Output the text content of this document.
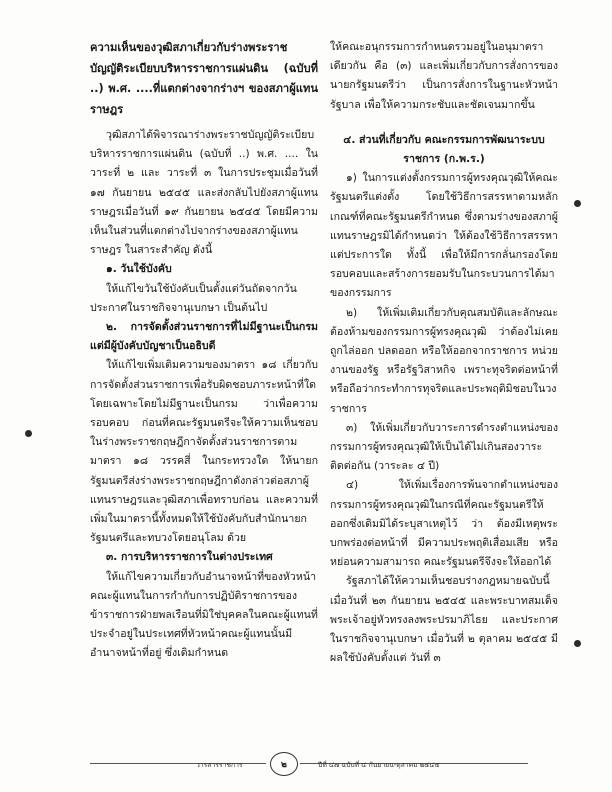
ความเห็นของวุฒิสภาเกี่ยวกับร่างพระราชบัญญัติระเบียบบริหารราชการแผ่นดิน (ฉบับที่ ..) พ.ศ. ....ที่แตกต่างจากร่างฯ ของสภาผู้แทนราษฎร

วุฒิสภาได้พิจารณาร่างพระราชบัญญัติระเบียบบริหารราชการแผ่นดิน (ฉบับที่ ..) พ.ศ. .... ในวาระที่ ๒ และ วาระที่ ๓ ในการประชุมเมื่อวันที่ ๑๗ กันยายน ๒๕๔๕ และส่งกลับไปยังสภาผู้แทนราษฎรเมื่อวันที่ ๑๙ กันยายน ๒๕๔๕ โดยมีความเห็นในส่วนที่แตกต่างไปจากร่างของสภาผู้แทนราษฎร ในสาระสำคัญ ดังนี้

๑. วันใช้บังคับ

ให้แก้ไขวันใช้บังคับเป็นตั้งแต่วันถัดจากวันประกาศในราชกิจจานุเบกษา เป็นต้นไป

๒. การจัดตั้งส่วนราชการที่ไม่มีฐานะเป็นกรมแต่มีผู้บังคับบัญชาเป็นอธิบดี

ให้แก้ไขเพิ่มเติมความของมาตรา ๑๘ เกี่ยวกับการจัดตั้งส่วนราชการเพื่อรับผิดชอบภาระหน้าที่ใดโดยเฉพาะโดยไม่มีฐานะเป็นกรม ว่าเพื่อความรอบคอบ ก่อนที่คณะรัฐมนตรีจะให้ความเห็นชอบในร่างพระราชกฤษฎีกาจัดตั้งส่วนราชการตามมาตรา ๑๘ วรรคสี่ ในกระทรวงใด ให้นายกรัฐมนตรีส่งร่างพระราชกฤษฎีกาดังกล่าวต่อสภาผู้แทนราษฎรและวุฒิสภาเพื่อทราบก่อน และความที่เพิ่มในมาตรานี้ทั้งหมดให้ใช้บังคับกับสำนักนายกรัฐมนตรีและทบวงโดยอนุโลม ด้วย

๓. การบริหารราชการในต่างประเทศ

ให้แก้ไขความเกี่ยวกับอำนาจหน้าที่ของหัวหน้าคณะผู้แทนในการกำกับการปฏิบัติราชการของข้าราชการฝ่ายพลเรือนที่มิใช่บุคคลในคณะผู้แทนที่ประจำอยู่ในประเทศที่หัวหน้าคณะผู้แทนนั้นมีอำนาจหน้าที่อยู่ ซึ่งเดิมกำหนด

ให้คณะอนุกรรมการกำหนดรวมอยู่ในอนุมาตราเดียวกัน คือ (๓) และเพิ่มเกี่ยวกับการสั่งการของนายกรัฐมนตรีว่า เป็นการสั่งการในฐานะหัวหน้ารัฐบาล เพื่อให้ความกระชับและชัดเจนมากขึ้น

๔. ส่วนที่เกี่ยวกับ คณะกรรมการพัฒนาระบบราชการ (ก.พ.ร.)

๑) ในการแต่งตั้งกรรมการผู้ทรงคุณวุฒิให้คณะรัฐมนตรีแต่งตั้ง โดยใช้วิธีการสรรหาตามหลักเกณฑ์ที่คณะรัฐมนตรีกำหนด ซึ่งตามร่างของสภาผู้แทนราษฎรมิได้กำหนดว่า ให้ต้องใช้วิธีการสรรหาแต่ประการใด ทั้งนี้ เพื่อให้มีการกลั่นกรองโดยรอบคอบและสร้างการยอมรับในกระบวนการได้มาของกรรมการ

๒) ให้เพิ่มเติมเกี่ยวกับคุณสมบัติและลักษณะต้องห้ามของกรรมการผู้ทรงคุณวุฒิ ว่าต้องไม่เคยถูกไล่ออก ปลดออก หรือให้ออกจากราชการ หน่วยงานของรัฐ หรือรัฐวิสาหกิจ เพราะทุจริตต่อหน้าที่ หรือถือว่ากระทำการทุจริตและประพฤติมิชอบในวงราชการ

๓) ให้เพิ่มเกี่ยวกับวาระการดำรงตำแหน่งของกรรมการผู้ทรงคุณวุฒิให้เป็นได้ไม่เกินสองวาระติดต่อกัน (วาระละ ๔ ปี)

๔) ให้เพิ่มเรื่องการพ้นจากตำแหน่งของกรรมการผู้ทรงคุณวุฒิในกรณีที่คณะรัฐมนตรีให้ออกซึ่งเดิมมิได้ระบุสาเหตุไว้ ว่า ต้องมีเหตุพระบกพร่องต่อหน้าที่ มีความประพฤติเสื่อมเสีย หรือหย่อนความสามารถ คณะรัฐมนตรีจึงจะให้ออกได้

รัฐสภาได้ให้ความเห็นชอบร่างกฎหมายฉบับนี้ เมื่อวันที่ ๒๓ กันยายน ๒๕๔๕ และพระบาทสมเด็จพระเจ้าอยู่หัวทรงลงพระปรมาภิไธย และประกาศในราชกิจจานุเบกษา เมื่อวันที่ ๒ ตุลาคม ๒๕๔๕ มีผลใช้บังคับตั้งแต่ วันที่ ๓

วารสารราชการ	๒	ปีที่ ๔๗ ฉบับที่ ๔ กันยายน-ตุลาคม ๒๕๔๕
